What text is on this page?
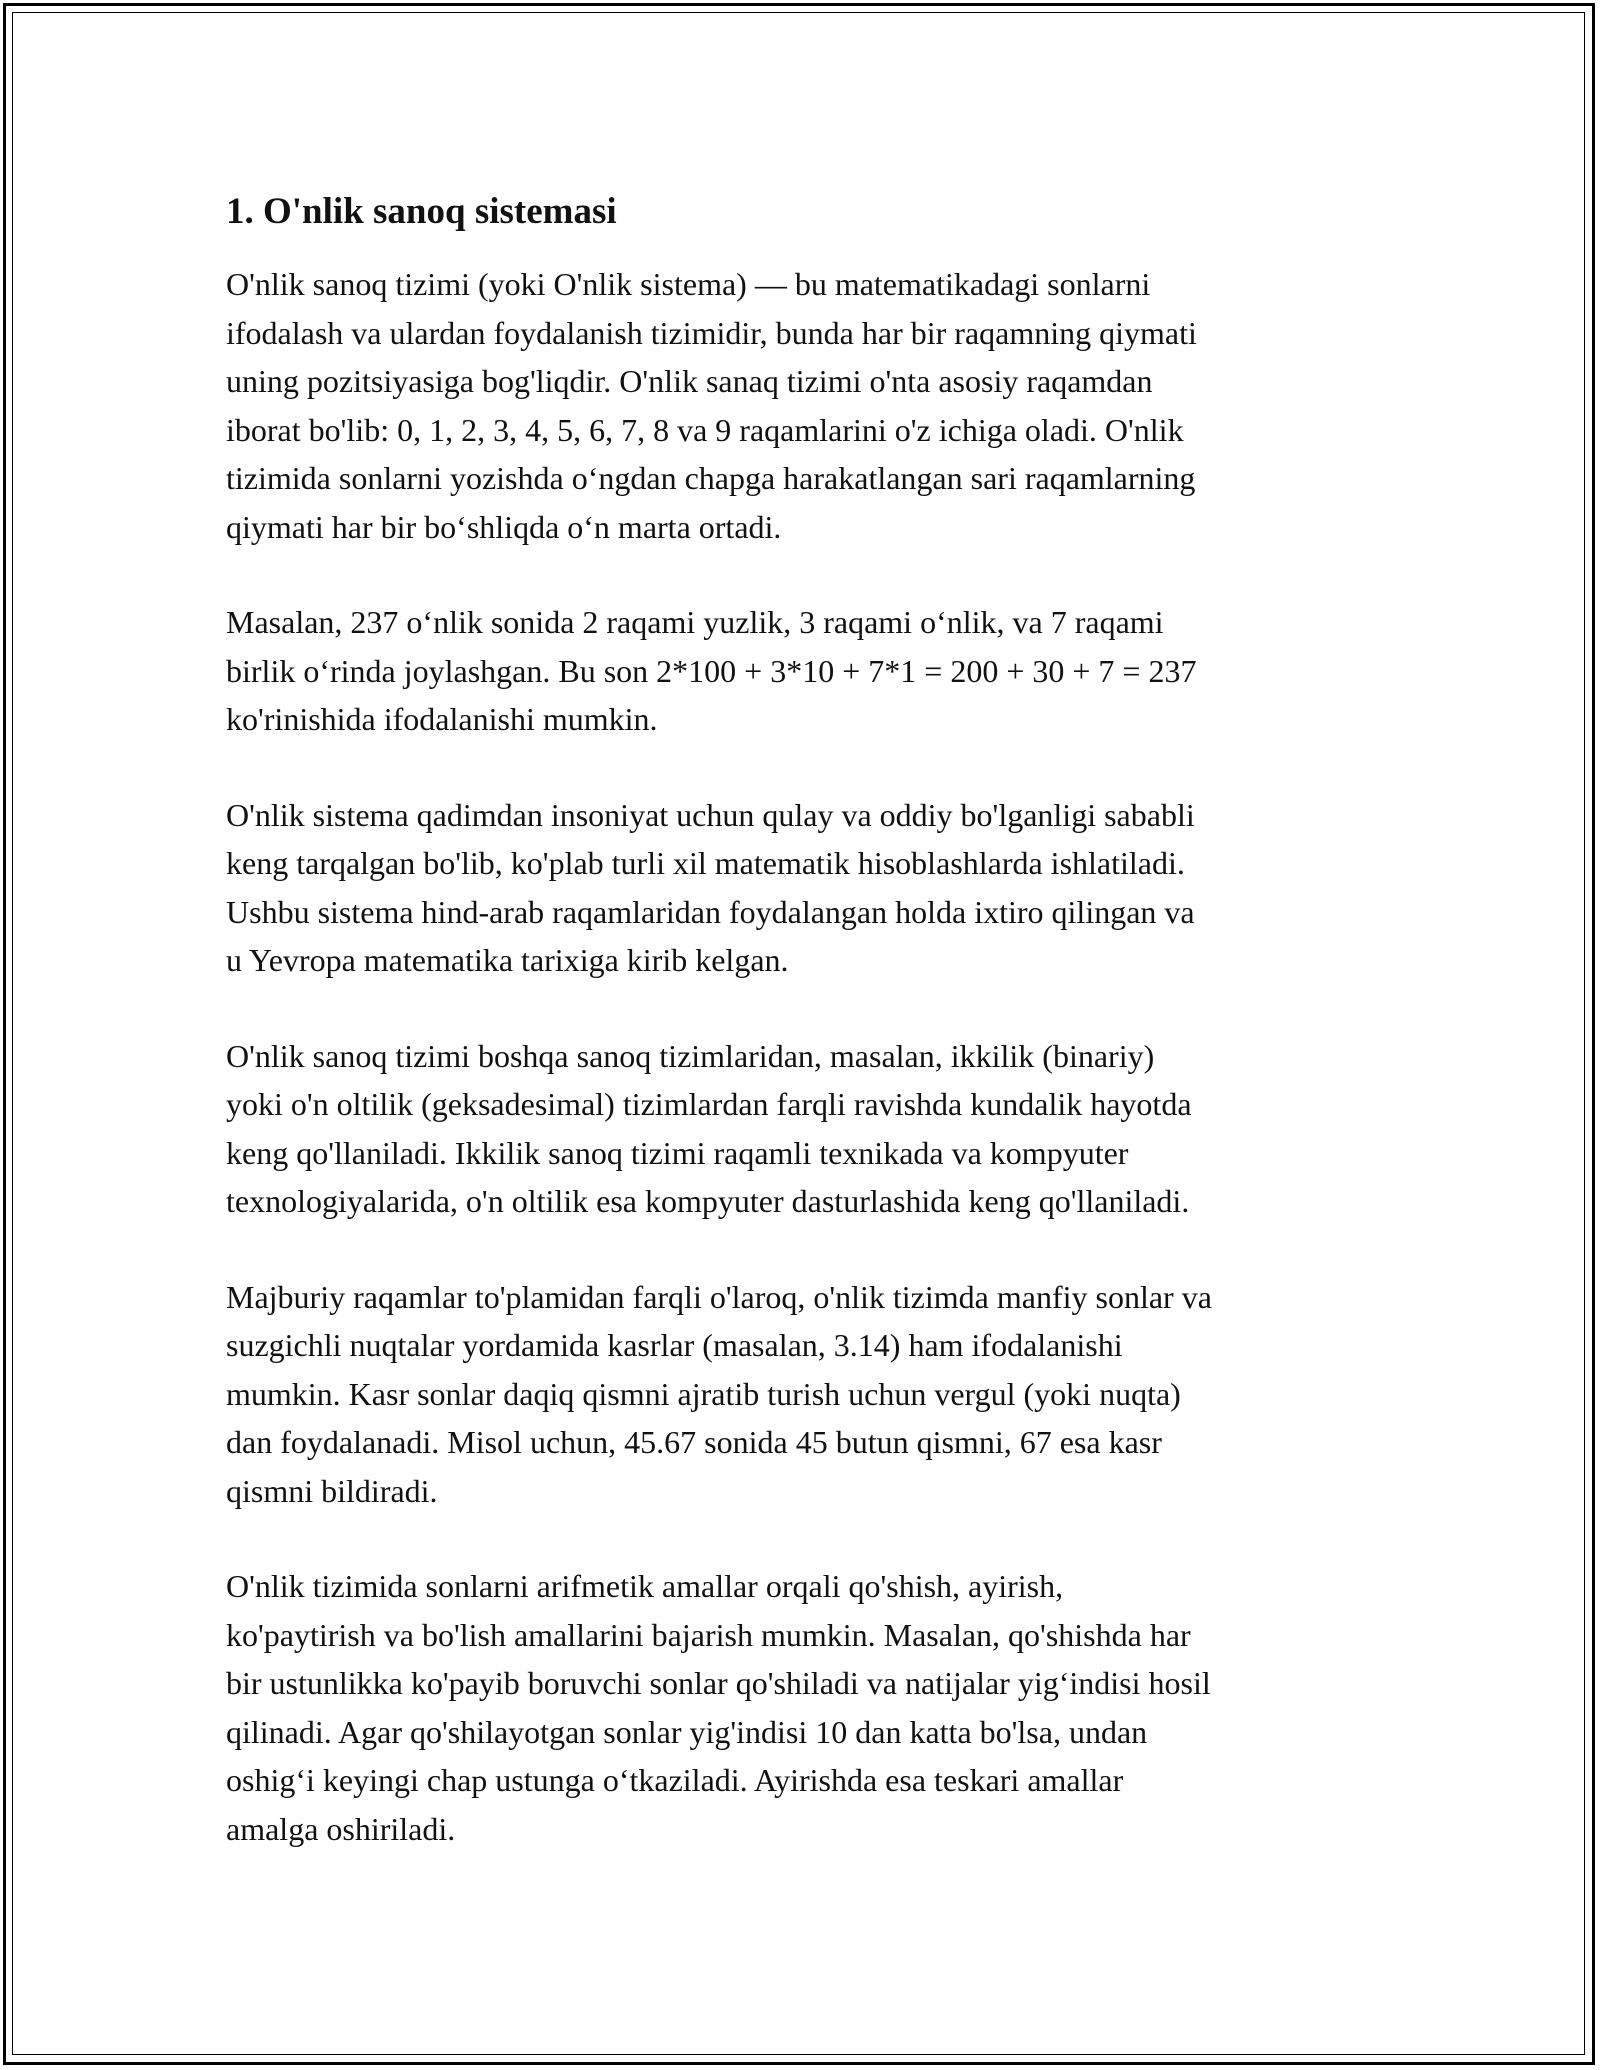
1. O'nlik sanoq sistemasi

O'nlik sanoq tizimi (yoki O'nlik sistema) — bu matematikadagi sonlarni
ifodalash va ulardan foydalanish tizimidir, bunda har bir raqamning qiymati
uning pozitsiyasiga bog'liqdir. O'nlik sanaq tizimi o'nta asosiy raqamdan
iborat bo'lib: 0, 1, 2, 3, 4, 5, 6, 7, 8 va 9 raqamlarini o'z ichiga oladi. O'nlik
tizimida sonlarni yozishda o‘ngdan chapga harakatlangan sari raqamlarning
qiymati har bir bo‘shliqda o‘n marta ortadi.

Masalan, 237 o‘nlik sonida 2 raqami yuzlik, 3 raqami o‘nlik, va 7 raqami
birlik o‘rinda joylashgan. Bu son 2*100 + 3*10 + 7*1 = 200 + 30 + 7 = 237
ko'rinishida ifodalanishi mumkin.

O'nlik sistema qadimdan insoniyat uchun qulay va oddiy bo'lganligi sababli
keng tarqalgan bo'lib, ko'plab turli xil matematik hisoblashlarda ishlatiladi.
Ushbu sistema hind-arab raqamlaridan foydalangan holda ixtiro qilingan va
u Yevropa matematika tarixiga kirib kelgan.

O'nlik sanoq tizimi boshqa sanoq tizimlaridan, masalan, ikkilik (binariy)
yoki o'n oltilik (geksadesimal) tizimlardan farqli ravishda kundalik hayotda
keng qo'llaniladi. Ikkilik sanoq tizimi raqamli texnikada va kompyuter
texnologiyalarida, o'n oltilik esa kompyuter dasturlashida keng qo'llaniladi.

Majburiy raqamlar to'plamidan farqli o'laroq, o'nlik tizimda manfiy sonlar va
suzgichli nuqtalar yordamida kasrlar (masalan, 3.14) ham ifodalanishi
mumkin. Kasr sonlar daqiq qismni ajratib turish uchun vergul (yoki nuqta)
dan foydalanadi. Misol uchun, 45.67 sonida 45 butun qismni, 67 esa kasr
qismni bildiradi.

O'nlik tizimida sonlarni arifmetik amallar orqali qo'shish, ayirish,
ko'paytirish va bo'lish amallarini bajarish mumkin. Masalan, qo'shishda har
bir ustunlikka ko'payib boruvchi sonlar qo'shiladi va natijalar yig‘indisi hosil
qilinadi. Agar qo'shilayotgan sonlar yig'indisi 10 dan katta bo'lsa, undan
oshig‘i keyingi chap ustunga o‘tkaziladi. Ayirishda esa teskari amallar
amalga oshiriladi.
